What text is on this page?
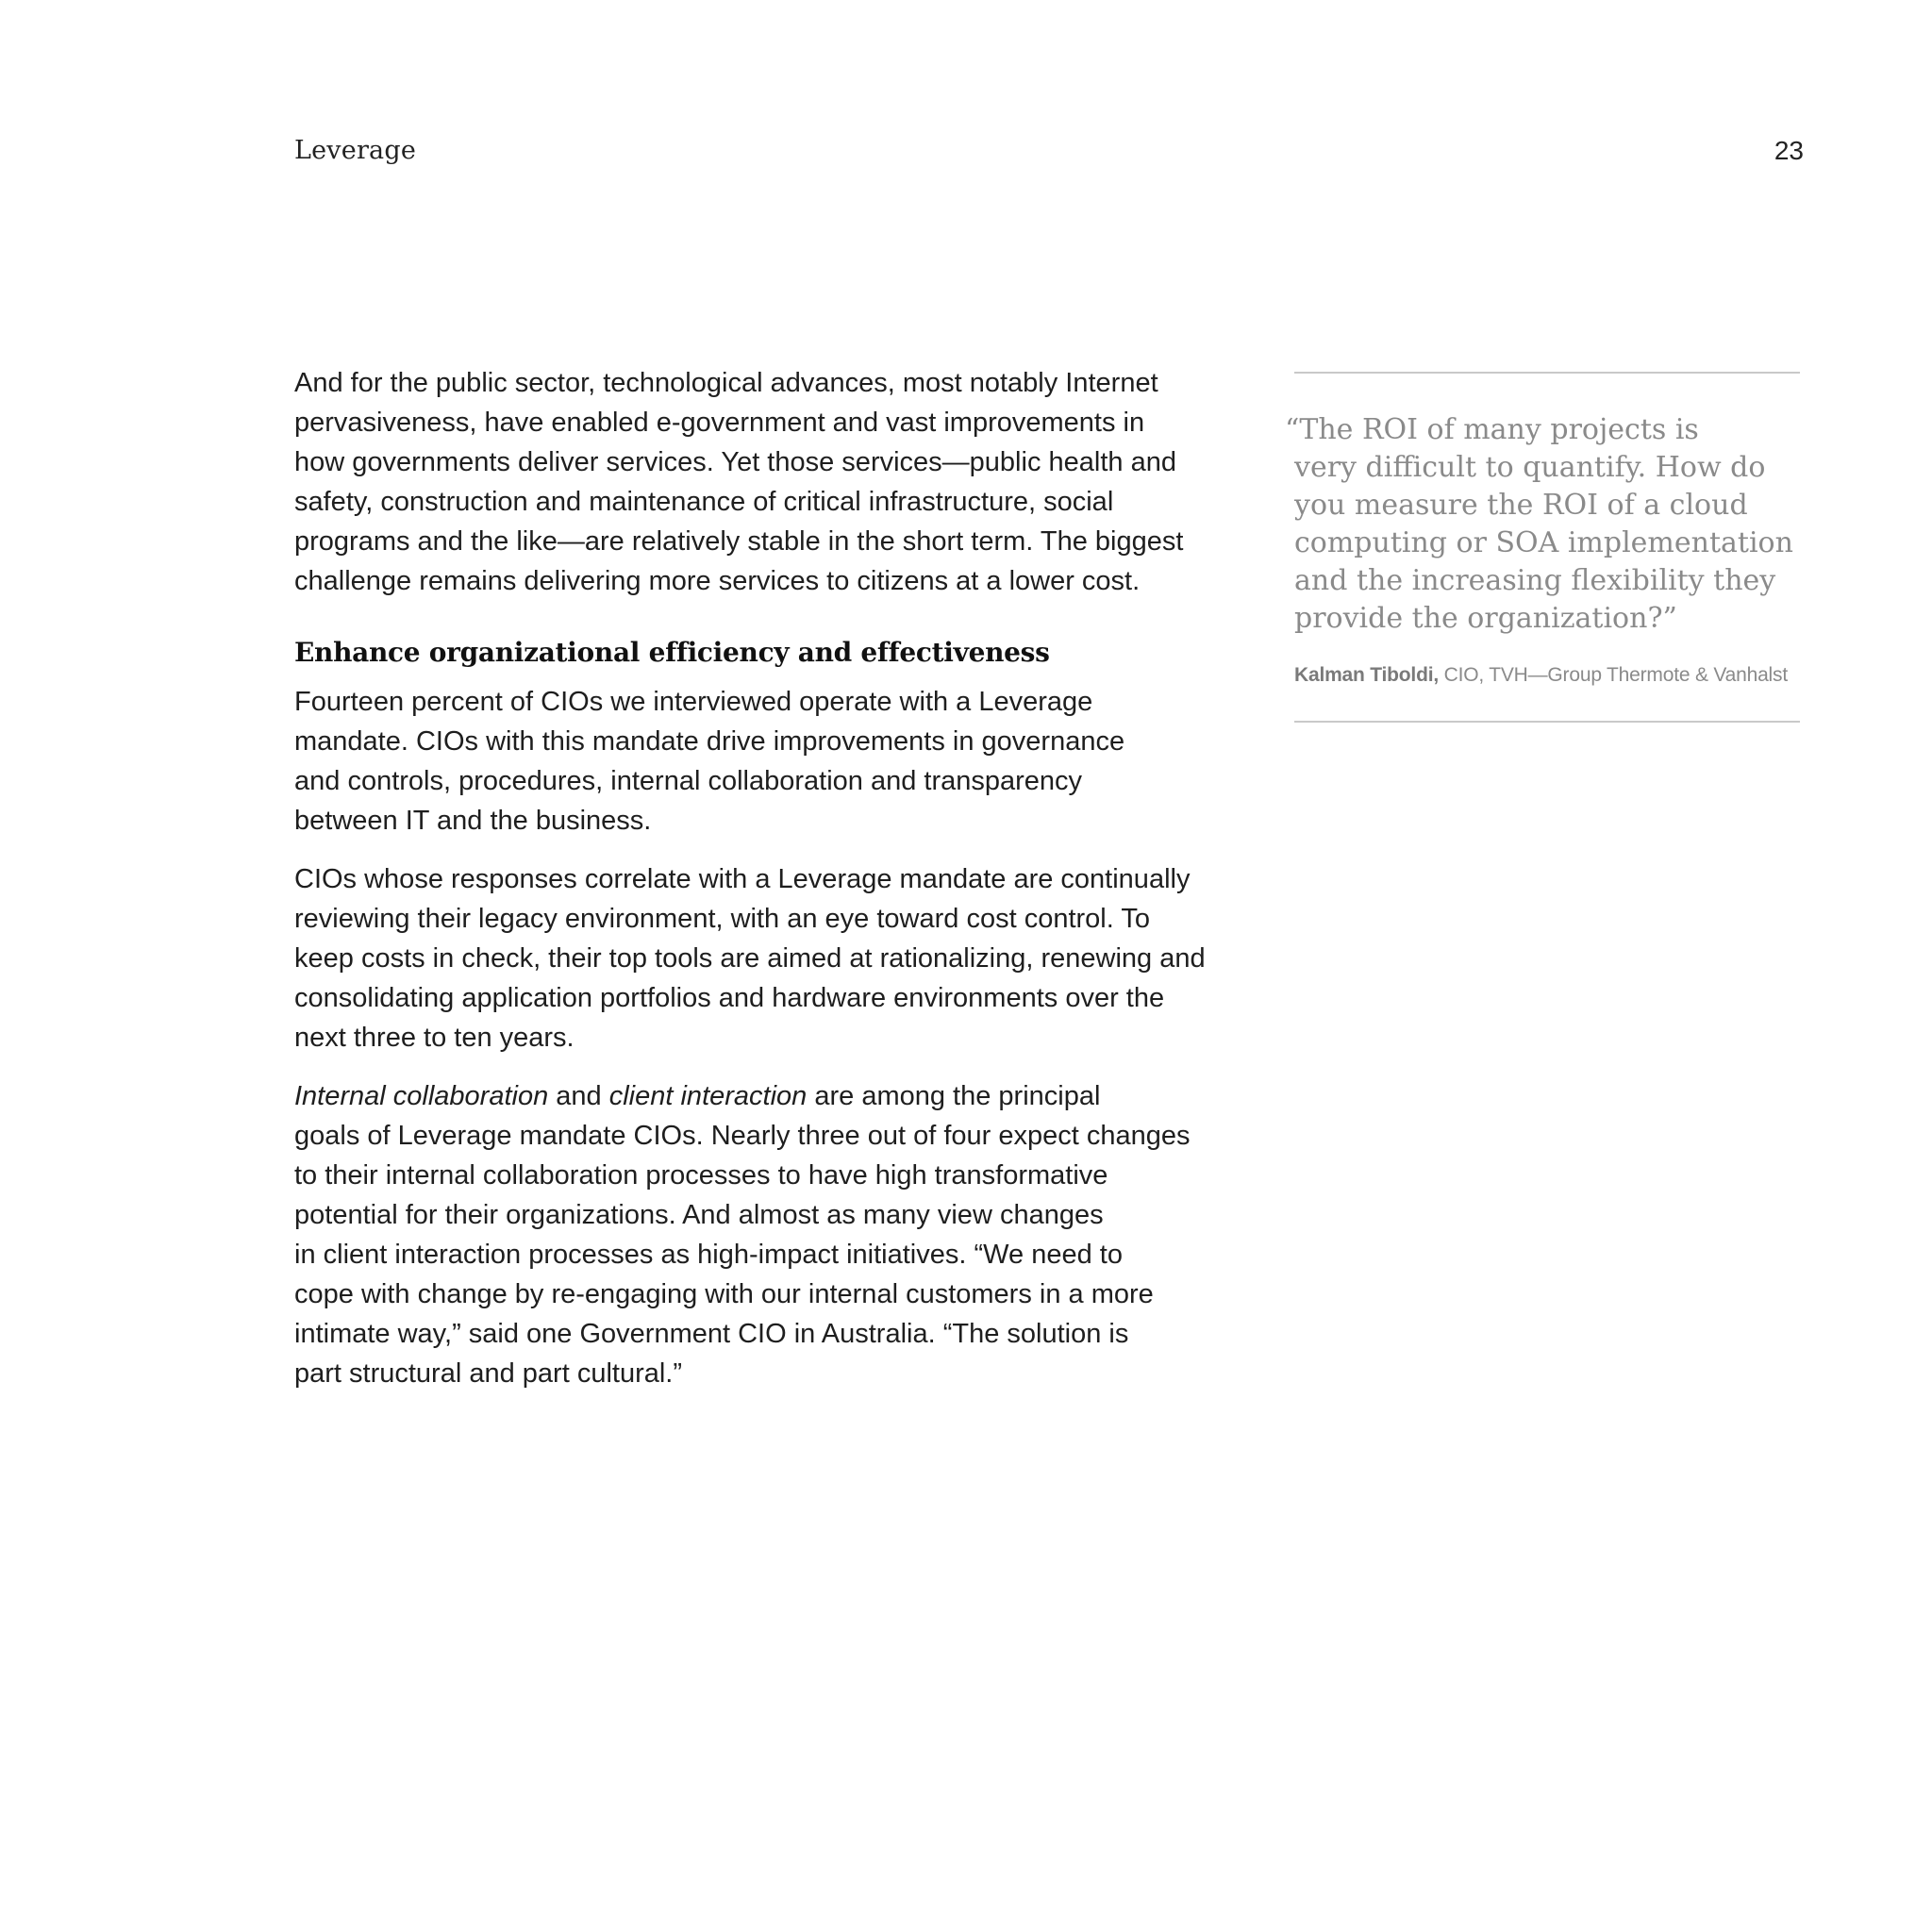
Leverage	23

And for the public sector, technological advances, most notably Internet
pervasiveness, have enabled e-government and vast improvements in
how governments deliver services. Yet those services—public health and
safety, construction and maintenance of critical infrastructure, social
programs and the like—are relatively stable in the short term. The biggest
challenge remains delivering more services to citizens at a lower cost.

Enhance organizational efficiency and effectiveness

Fourteen percent of CIOs we interviewed operate with a Leverage
mandate. CIOs with this mandate drive improvements in governance
and controls, procedures, internal collaboration and transparency
between IT and the business.

CIOs whose responses correlate with a Leverage mandate are continually
reviewing their legacy environment, with an eye toward cost control. To
keep costs in check, their top tools are aimed at rationalizing, renewing and
consolidating application portfolios and hardware environments over the
next three to ten years.

Internal collaboration and client interaction are among the principal
goals of Leverage mandate CIOs. Nearly three out of four expect changes
to their internal collaboration processes to have high transformative
potential for their organizations. And almost as many view changes
in client interaction processes as high-impact initiatives. “We need to
cope with change by re-engaging with our internal customers in a more
intimate way,” said one Government CIO in Australia. “The solution is
part structural and part cultural.”

“The ROI of many projects is
very difficult to quantify. How do
you measure the ROI of a cloud
computing or SOA implementation
and the increasing flexibility they
provide the organization?”
Kalman Tiboldi, CIO, TVH—Group Thermote & Vanhalst
